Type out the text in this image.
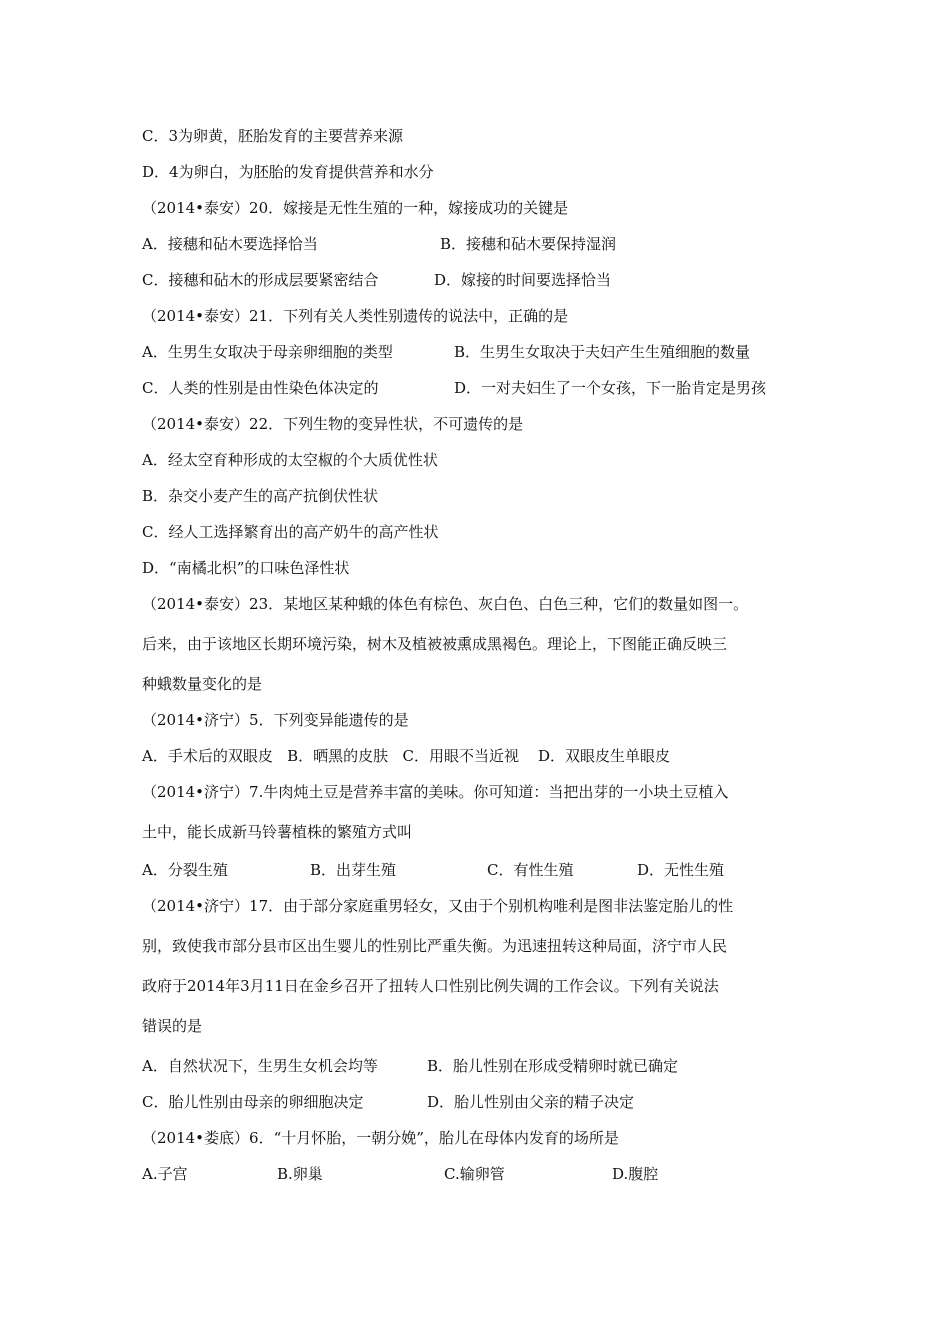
C．3为卵黄，胚胎发育的主要营养来源
D．4为卵白，为胚胎的发育提供营养和水分
（2014•泰安）20．嫁接是无性生殖的一种，嫁接成功的关键是

A．接穗和砧木要选择恰当

	B．接穗和砧木要保持湿润

C．接穗和砧木的形成层要紧密结合

	D．嫁接的时间要选择恰当

（2014•泰安）21．下列有关人类性别遗传的说法中，正确的是

A．生男生女取决于母亲卵细胞的类型

	B．生男生女取决于夫妇产生生殖细胞的数量

C．人类的性别是由性染色体决定的

	D．一对夫妇生了一个女孩，下一胎肯定是男孩

（2014•泰安）22．下列生物的变异性状，不可遗传的是
A．经太空育种形成的太空椒的个大质优性状
B．杂交小麦产生的高产抗倒伏性状
C．经人工选择繁育出的高产奶牛的高产性状
D．“南橘北枳”的口味色泽性状
（2014•泰安）23．某地区某种蛾的体色有棕色、灰白色、白色三种，它们的数量如图一。
后来，由于该地区长期环境污染，树木及植被被熏成黑褐色。理论上，下图能正确反映三
种蛾数量变化的是
（2014•济宁）5．下列变异能遗传的是
A．手术后的双眼皮   B．晒黑的皮肤   C．用眼不当近视    D．双眼皮生单眼皮
（2014•济宁）7.牛肉炖土豆是营养丰富的美味。你可知道：当把出芽的一小块土豆植入
土中，能长成新马铃薯植株的繁殖方式叫

A．分裂生殖

	B．出芽生殖

	C．有性生殖

	D．无性生殖

（2014•济宁）17．由于部分家庭重男轻女，又由于个别机构唯利是图非法鉴定胎儿的性
别，致使我市部分县市区出生婴儿的性别比严重失衡。为迅速扭转这种局面，济宁市人民
政府于2014年3月11日在金乡召开了扭转人口性别比例失调的工作会议。下列有关说法
错误的是

A．自然状况下，生男生女机会均等

	B．胎儿性别在形成受精卵时就已确定

C．胎儿性别由母亲的卵细胞决定

	D．胎儿性别由父亲的精子决定

（2014•娄底）6．“十月怀胎，一朝分娩”，胎儿在母体内发育的场所是

A.子宫

	B.卵巢

	C.输卵管

	D.腹腔
